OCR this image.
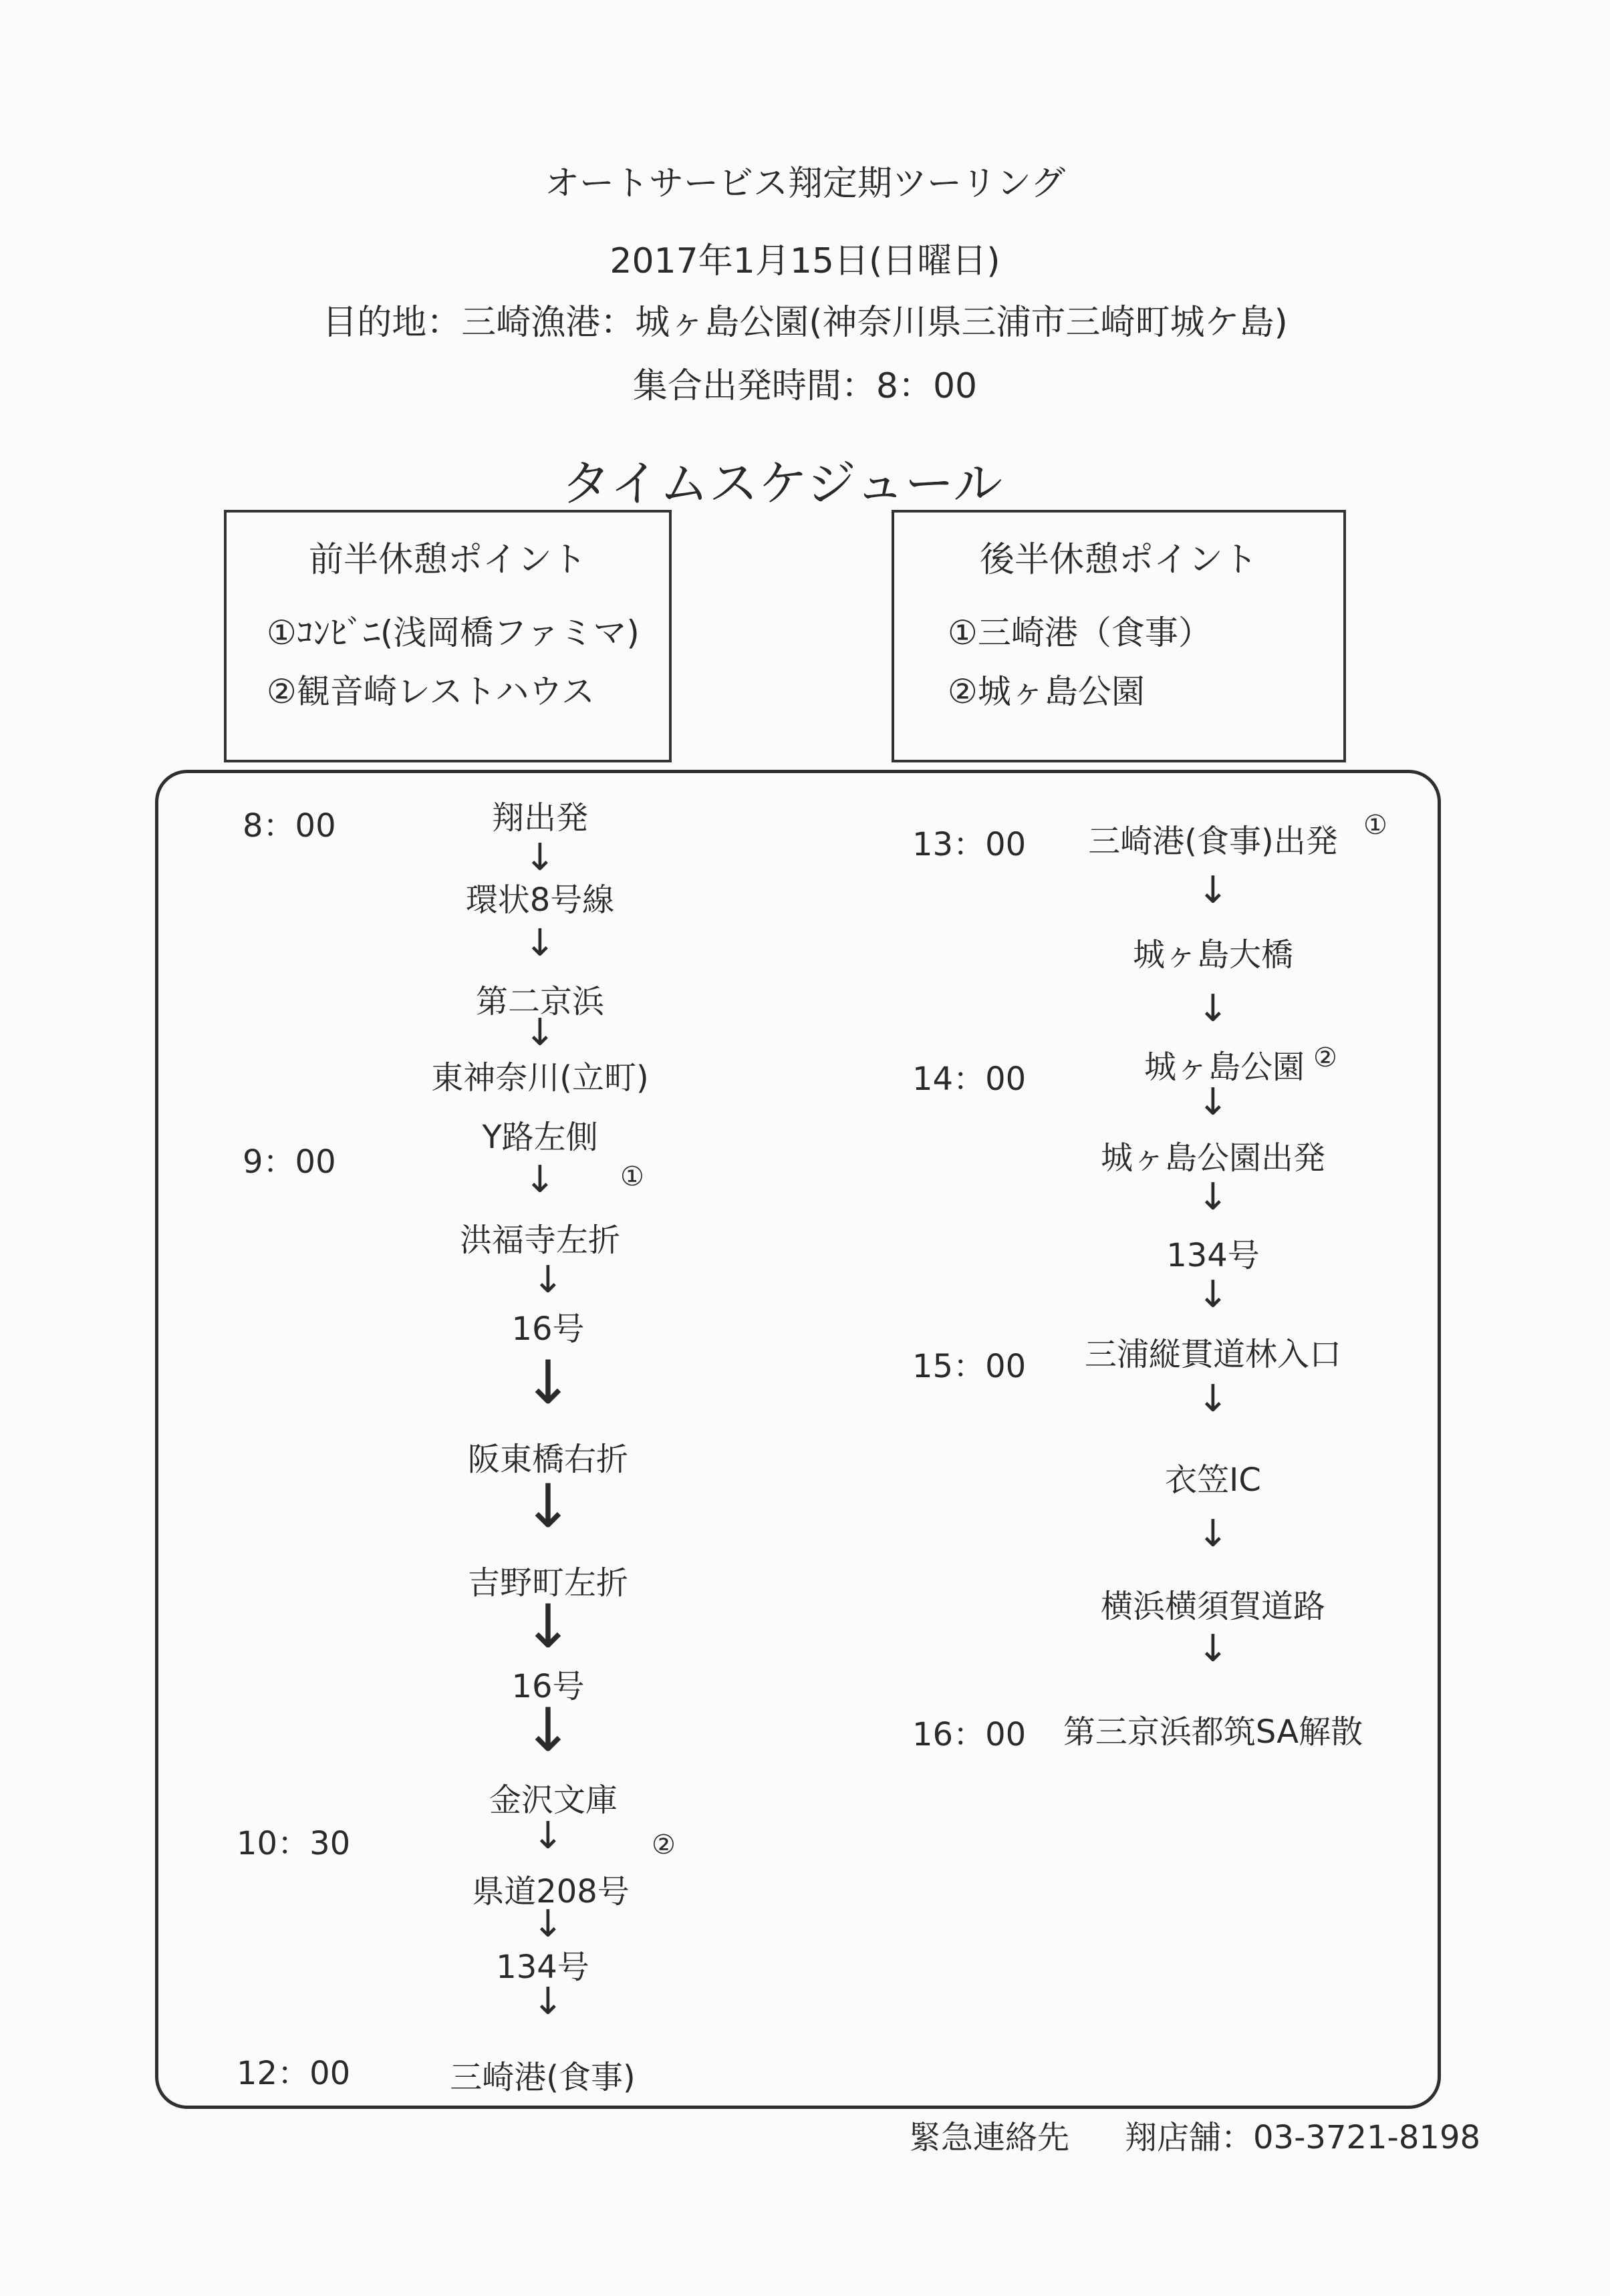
オートサービス翔定期ツーリング
2017年1月15日(日曜日)
目的地：三崎漁港：城ヶ島公園(神奈川県三浦市三崎町城ケ島)
集合出発時間：8：00
タイムスケジュール
前半休憩ポイント
①ｺﾝﾋﾞﾆ(浅岡橋ファミマ)
②観音崎レストハウス
後半休憩ポイント
①三崎港（食事）
②城ヶ島公園
8：00
9：00
10：30
12：00
翔出発
↓
環状8号線
↓
第二京浜
↓
東神奈川(立町)
Y路左側
↓ ①
洪福寺左折
↓
16号
↓
阪東橋右折
↓
吉野町左折
↓
16号
↓
金沢文庫
↓	②
県道208号
↓
134号
↓
三崎港(食事)
13：00
14：00
15：00
16：00
三崎港(食事)出発 ①
↓
城ヶ島大橋
↓
城ヶ島公園 ②
↓
城ヶ島公園出発
↓
134号
↓
三浦縦貫道林入口
↓
衣笠IC
↓
横浜横須賀道路
↓
第三京浜都筑SA解散
緊急連絡先 翔店舗：03-3721-8198
